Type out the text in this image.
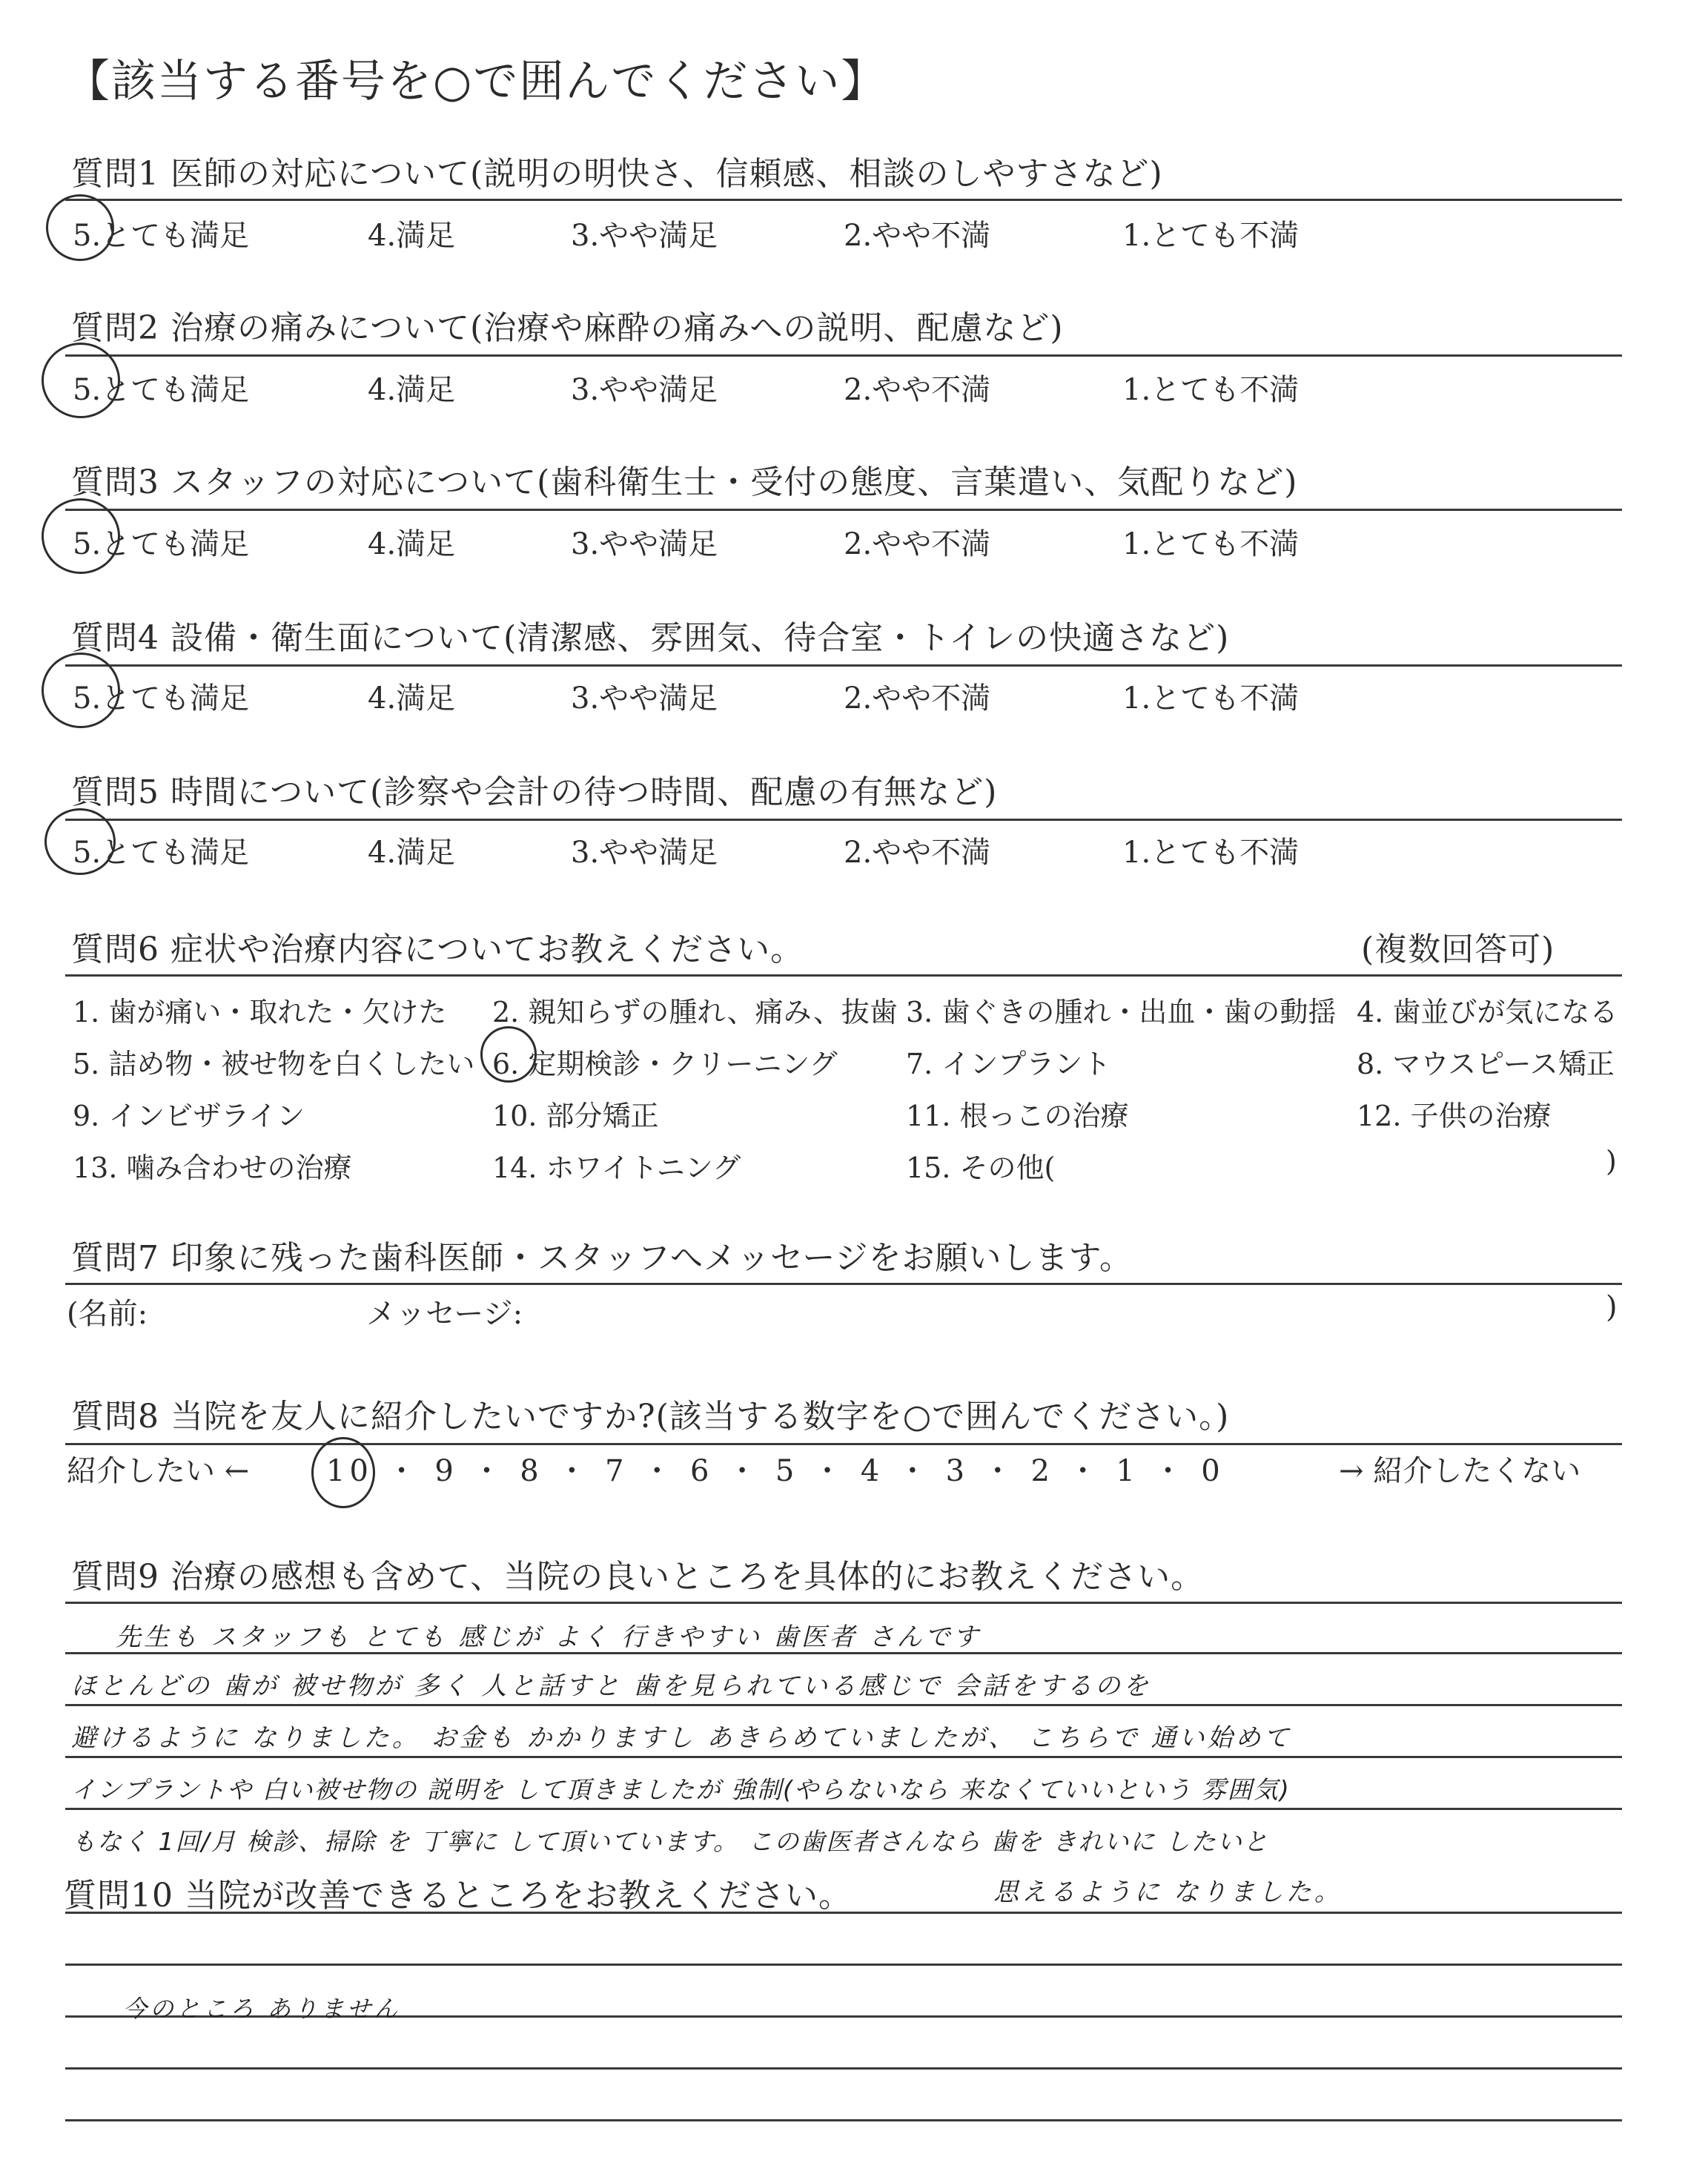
【該当する番号を○で囲んでください】
質問1 医師の対応について(説明の明快さ、信頼感、相談のしやすさなど)
5.とても満足	4.満足	3.やや満足	2.やや不満	1.とても不満
質問2 治療の痛みについて(治療や麻酔の痛みへの説明、配慮など)
5.とても満足	4.満足	3.やや満足	2.やや不満	1.とても不満
質問3 スタッフの対応について(歯科衛生士・受付の態度、言葉遣い、気配りなど)
5.とても満足	4.満足	3.やや満足	2.やや不満	1.とても不満
質問4 設備・衛生面について(清潔感、雰囲気、待合室・トイレの快適さなど)
5.とても満足	4.満足	3.やや満足	2.やや不満	1.とても不満
質問5 時間について(診察や会計の待つ時間、配慮の有無など)
5.とても満足	4.満足	3.やや満足	2.やや不満	1.とても不満
質問6 症状や治療内容についてお教えください。	(複数回答可)
1. 歯が痛い・取れた・欠けた 2. 親知らずの腫れ、痛み、抜歯 3. 歯ぐきの腫れ・出血・歯の動揺 4. 歯並びが気になる
5. 詰め物・被せ物を白くしたい 6. 定期検診・クリーニング 7. インプラント	8. マウスピース矯正
9. インビザライン	10. 部分矯正	11. 根っこの治療	12. 子供の治療
13. 噛み合わせの治療	14. ホワイトニング	15. その他(	)
質問7 印象に残った歯科医師・スタッフへメッセージをお願いします。
(名前:	メッセージ:	)
質問8 当院を友人に紹介したいですか?(該当する数字を○で囲んでください。)
紹介したい ←	10 ・ 9 ・ 8 ・ 7 ・ 6 ・ 5 ・ 4 ・ 3 ・ 2 ・ 1 ・ 0	→ 紹介したくない
質問9 治療の感想も含めて、当院の良いところを具体的にお教えください。
先生も スタッフも とても 感じが よく 行きやすい 歯医者 さんです
ほとんどの 歯が 被せ物が 多く 人と話すと 歯を見られている感じで 会話をするのを
避けるように なりました。 お金も かかりますし あきらめていましたが、 こちらで 通い始めて
インプラントや 白い被せ物の 説明を して頂きましたが 強制(やらないなら 来なくていいという 雰囲気)
もなく 1回/月 検診、掃除 を 丁寧に して頂いています。 この歯医者さんなら 歯を きれいに したいと
思えるように なりました。
質問10 当院が改善できるところをお教えください。
今のところ ありません
